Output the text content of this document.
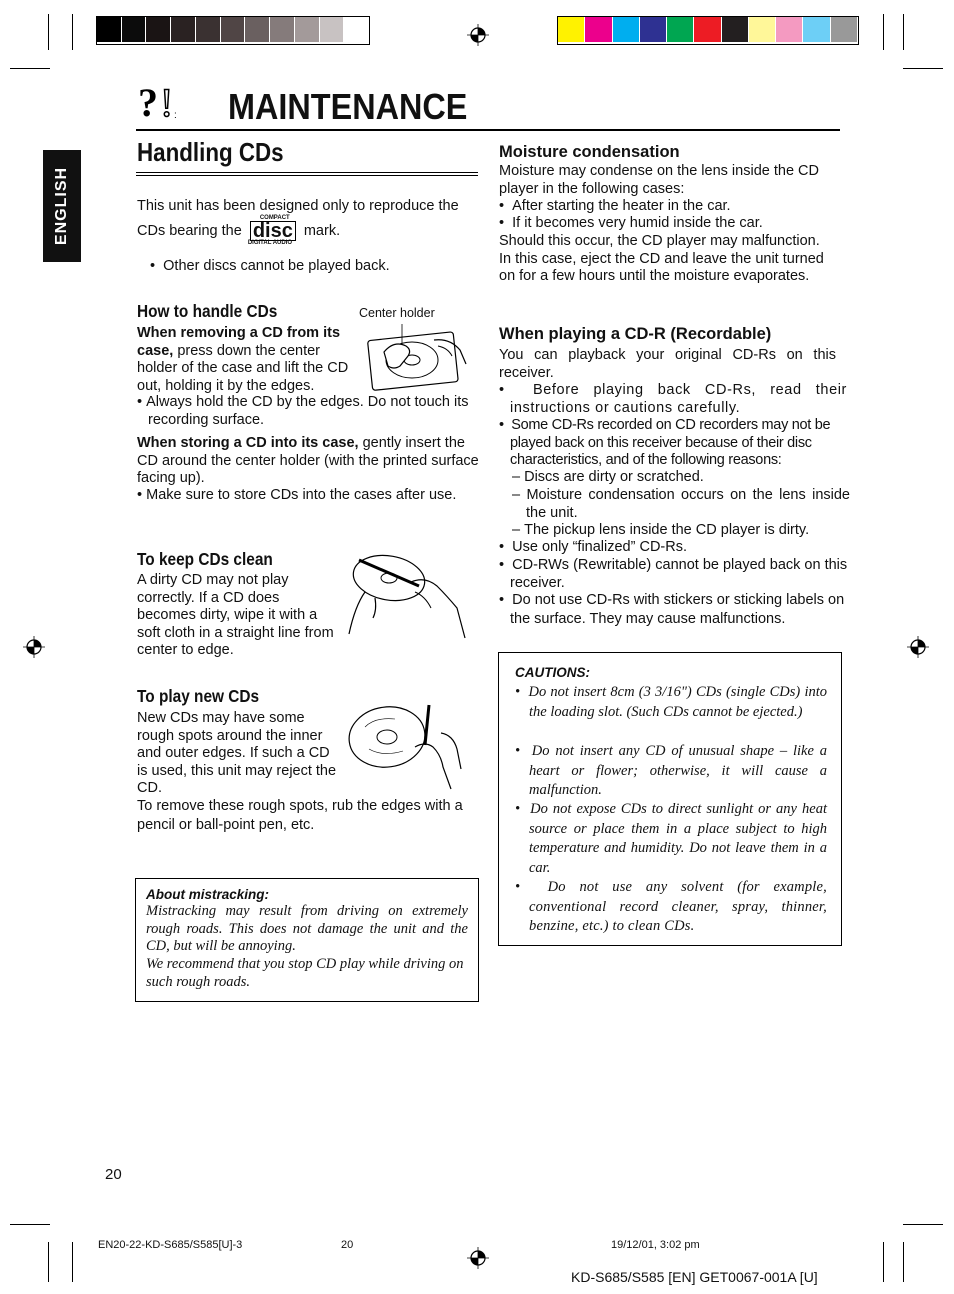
? ! : MAINTENANCE
ENGLISH
Handling CDs
This unit has been designed only to reproduce the
CDs bearing the
COMPACT
disc
DIGITAL AUDIO
mark.
•  Other discs cannot be played back.
How to handle CDs	Center holder
When removing a CD from its case, press down the center holder of the case and lift the CD out, holding it by the edges.
• Always hold the CD by the edges. Do not touch its recording surface.
When storing a CD into its case, gently insert the CD around the center holder (with the printed surface facing up).
• Make sure to store CDs into the cases after use.
To keep CDs clean
A dirty CD may not play correctly. If a CD does becomes dirty, wipe it with a soft cloth in a straight line from center to edge.
To play new CDs
New CDs may have some rough spots around the inner and outer edges. If such a CD is used, this unit may reject the CD.
To remove these rough spots, rub the edges with a pencil or ball-point pen, etc.
About mistracking:
Mistracking may result from driving on extremely rough roads. This does not damage the unit and the CD, but will be annoying.
We recommend that you stop CD play while driving on such rough roads.
Moisture condensation
Moisture may condense on the lens inside the CD player in the following cases:
•  After starting the heater in the car.
•  If it becomes very humid inside the car.
Should this occur, the CD player may malfunction. In this case, eject the CD and leave the unit turned on for a few hours until the moisture evaporates.
When playing a CD-R (Recordable)
You can playback your original CD-Rs on this receiver.
•  Before playing back CD-Rs, read their instructions or cautions carefully.
•  Some CD-Rs recorded on CD recorders may not be played back on this receiver because of their disc characteristics, and of the following reasons:
– Discs are dirty or scratched.
– Moisture condensation occurs on the lens inside the unit.
– The pickup lens inside the CD player is dirty.
•  Use only “finalized” CD-Rs.
•  CD-RWs (Rewritable) cannot be played back on this receiver.
•  Do not use CD-Rs with stickers or sticking labels on the surface. They may cause malfunctions.
CAUTIONS:
•  Do not insert 8cm (3 3/16") CDs (single CDs) into the loading slot. (Such CDs cannot be ejected.)
•  Do not insert any CD of unusual shape – like a heart or flower; otherwise, it will cause a malfunction.
•  Do not expose CDs to direct sunlight or any heat source or place them in a place subject to high temperature and humidity. Do not leave them in a car.
•  Do not use any solvent (for example, conventional record cleaner, spray, thinner, benzine, etc.) to clean CDs.
20
EN20-22-KD-S685/S585[U]-3	20	19/12/01, 3:02 pm
KD-S685/S585 [EN] GET0067-001A [U]
